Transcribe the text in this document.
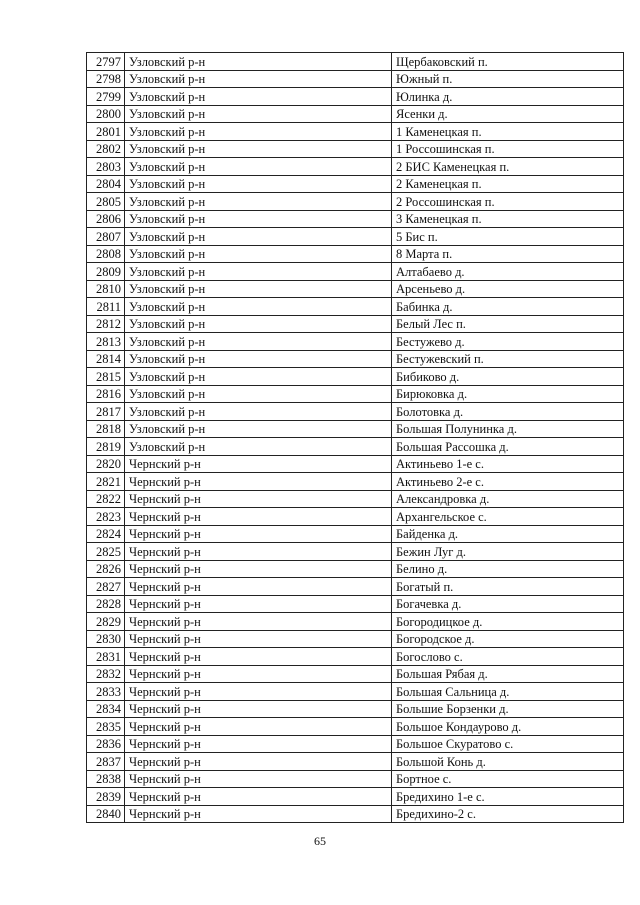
2797	Узловский р-н	Щербаковский п.
2798	Узловский р-н	Южный п.
2799	Узловский р-н	Юлинка д.
2800	Узловский р-н	Ясенки д.
2801	Узловский р-н	1 Каменецкая п.
2802	Узловский р-н	1 Россошинская п.
2803	Узловский р-н	2 БИС Каменецкая п.
2804	Узловский р-н	2 Каменецкая п.
2805	Узловский р-н	2 Россошинская п.
2806	Узловский р-н	3 Каменецкая п.
2807	Узловский р-н	5 Бис п.
2808	Узловский р-н	8 Марта п.
2809	Узловский р-н	Алтабаево д.
2810	Узловский р-н	Арсеньево д.
2811	Узловский р-н	Бабинка д.
2812	Узловский р-н	Белый Лес п.
2813	Узловский р-н	Бестужево д.
2814	Узловский р-н	Бестужевский п.
2815	Узловский р-н	Бибиково д.
2816	Узловский р-н	Бирюковка д.
2817	Узловский р-н	Болотовка д.
2818	Узловский р-н	Большая Полунинка д.
2819	Узловский р-н	Большая Рассошка д.
2820	Чернский р-н	Актиньево 1-е с.
2821	Чернский р-н	Актиньево 2-е с.
2822	Чернский р-н	Александровка д.
2823	Чернский р-н	Архангельское с.
2824	Чернский р-н	Байденка д.
2825	Чернский р-н	Бежин Луг д.
2826	Чернский р-н	Белино д.
2827	Чернский р-н	Богатый п.
2828	Чернский р-н	Богачевка д.
2829	Чернский р-н	Богородицкое д.
2830	Чернский р-н	Богородское д.
2831	Чернский р-н	Богослово с.
2832	Чернский р-н	Большая Рябая д.
2833	Чернский р-н	Большая Сальница д.
2834	Чернский р-н	Большие Борзенки д.
2835	Чернский р-н	Большое Кондаурово д.
2836	Чернский р-н	Большое Скуратово с.
2837	Чернский р-н	Большой Конь д.
2838	Чернский р-н	Бортное с.
2839	Чернский р-н	Бредихино 1-е с.
2840	Чернский р-н	Бредихино-2 с.
65
